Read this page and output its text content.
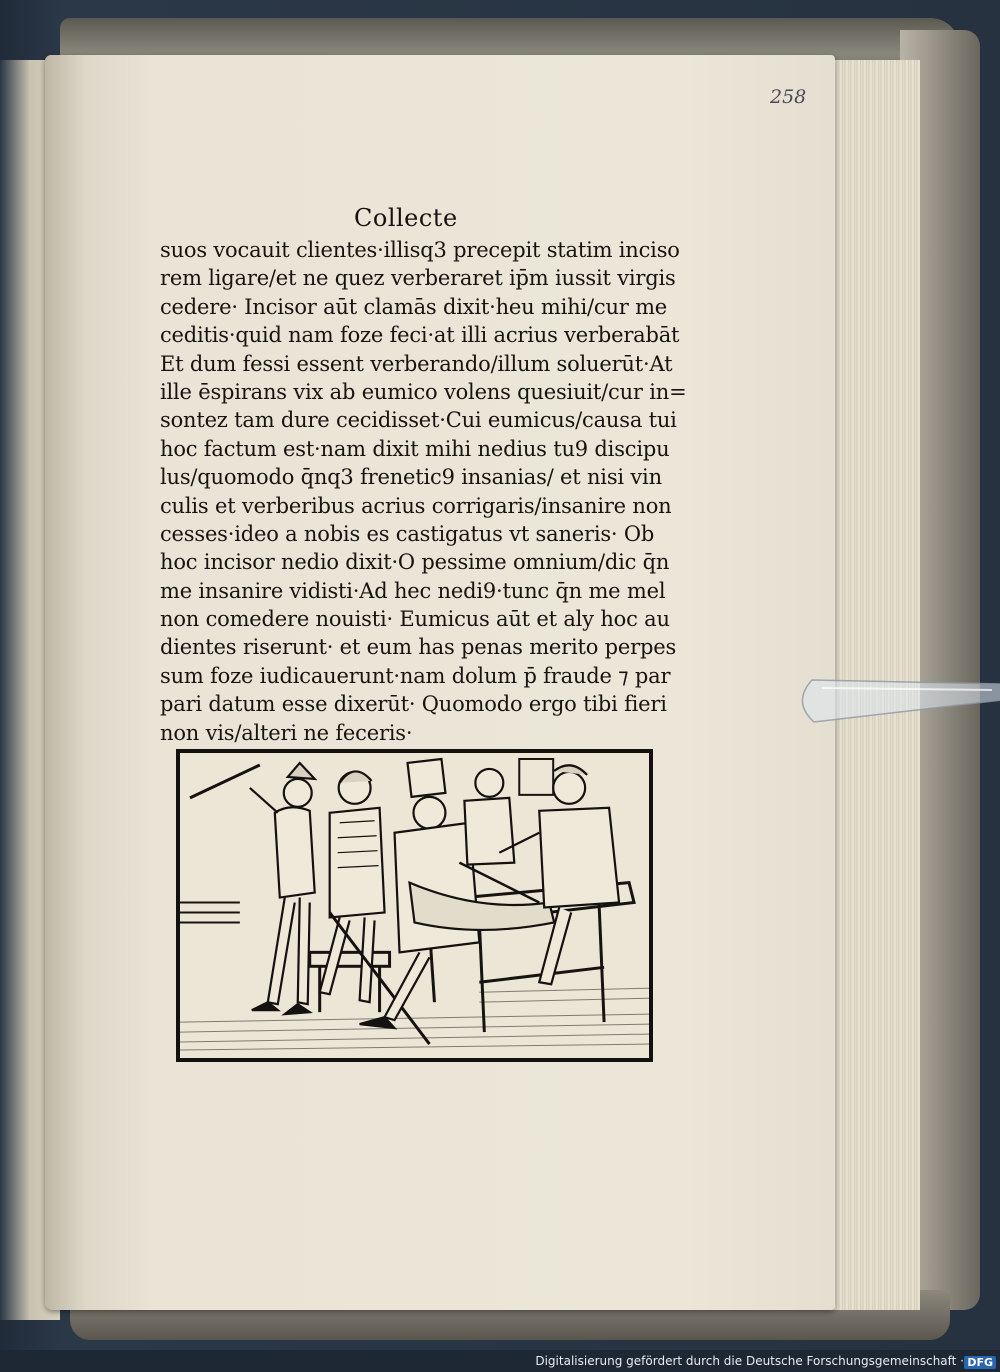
258
Collecte
suos vocauit clientes·illisq3 precepit statim inciso
rem ligare/et ne quez verberaret ip̄m iussit virgis
cedere· Incisor aūt clamās dixit·heu mihi/cur me
ceditis·quid nam foze feci·at illi acrius verberabāt
Et dum fessi essent verberando/illum soluerūt·At
ille ēspirans vix ab eumico volens quesiuit/cur in=
sontez tam dure cecidisset·Cui eumicus/causa tui
hoc factum est·nam dixit mihi nedius tu9 discipu
lus/quomodo q̄nq3 frenetic9 insanias/ et nisi vin
culis et verberibus acrius corrigaris/insanire non
cesses·ideo a nobis es castigatus vt saneris· Ob
hoc incisor nedio dixit·O pessime omnium/dic q̄n
me insanire vidisti·Ad hec nedi9·tunc q̄n me mel
non comedere nouisti· Eumicus aūt et aly hoc au
dientes riserunt· et eum has penas merito perpes
sum foze iudicauerunt·nam dolum p̄ fraude ⁊ par
pari datum esse dixerūt· Quomodo ergo tibi fieri
non vis/alteri ne feceris·
Digitalisierung gefördert durch die Deutsche Forschungsgemeinschaft · DFG
